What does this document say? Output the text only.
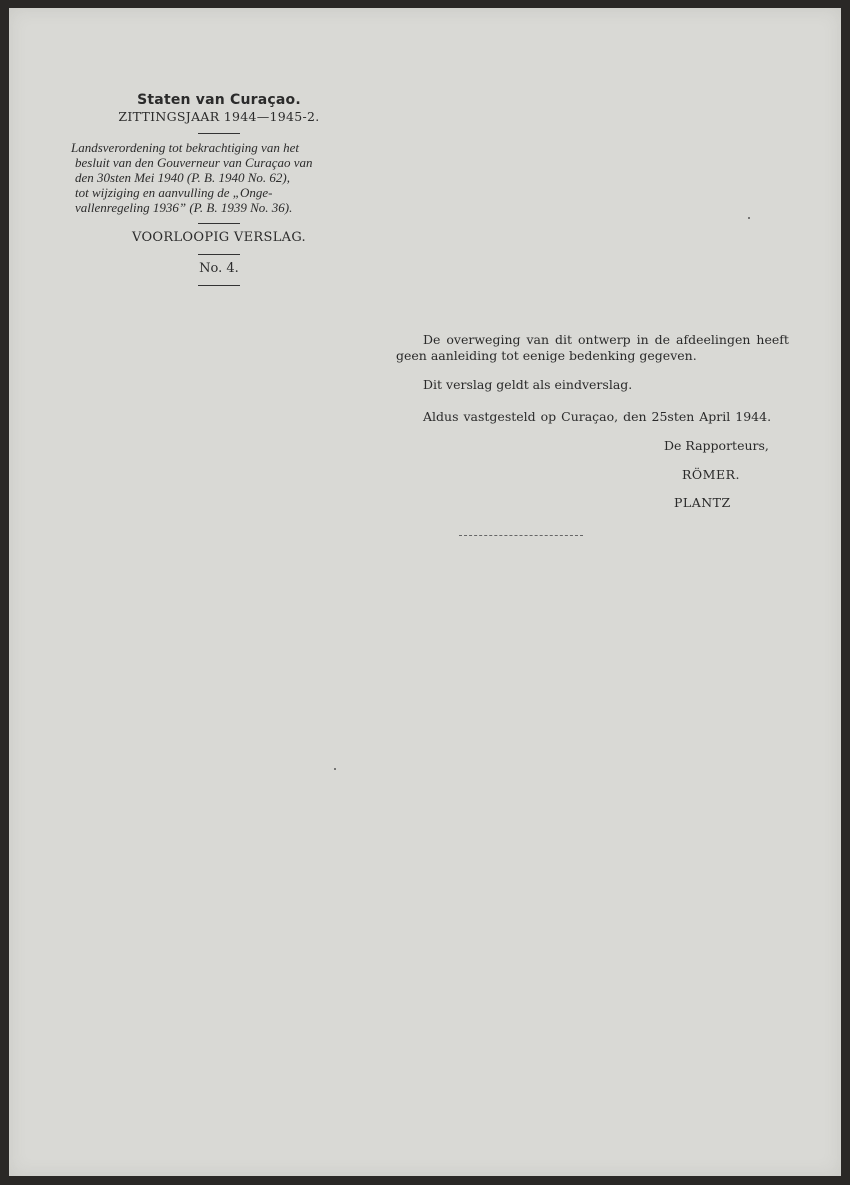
Staten van Curaçao.
ZITTINGSJAAR 1944—1945-2.
Landsverordening tot bekrachtiging van het
besluit van den Gouverneur van Curaçao van
den 30sten Mei 1940 (P. B. 1940 No. 62),
tot wijziging en aanvulling de „Onge-
vallenregeling 1936” (P. B. 1939 No. 36).
VOORLOOPIG VERSLAG.
No. 4.
De overweging van dit ontwerp in de afdeelingen heeft
geen aanleiding tot eenige bedenking gegeven.
Dit verslag geldt als eindverslag.
Aldus vastgesteld op Curaçao, den 25sten April 1944.
De Rapporteurs,
RÖMER.
PLANTZ
